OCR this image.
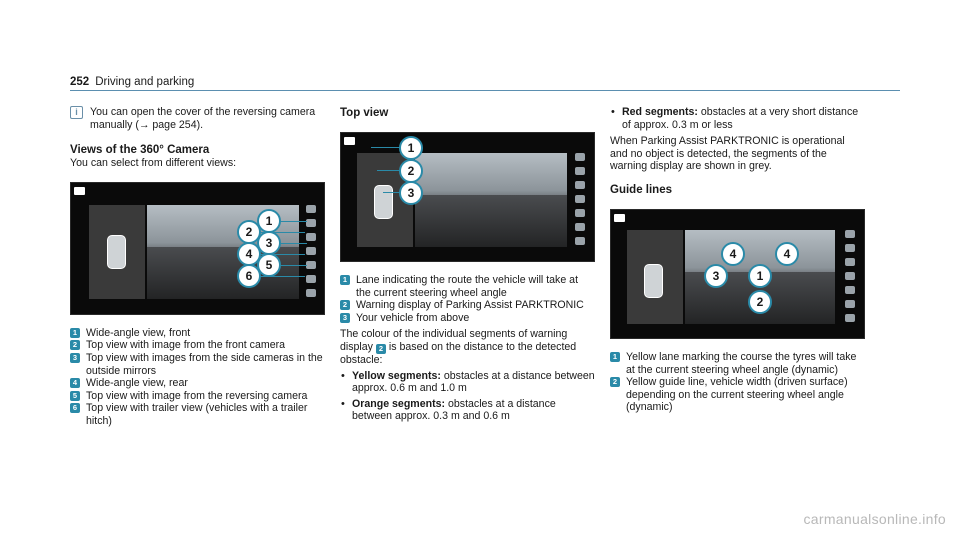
252 Driving and parking

i	You can open the cover of the reversing camera manually (→ page 254).

Views of the 360° Camera

You can select from different views:

1
2
3
4
5
6
1 Wide-angle view, front
2 Top view with image from the front camera
3 Top view with images from the side cameras in the outside mirrors
4 Wide-angle view, rear
5 Top view with image from the reversing camera
6 Top view with trailer view (vehicles with a trailer hitch)
Top view
1
2
3
1 Lane indicating the route the vehicle will take at the current steering wheel angle
2 Warning display of Parking Assist PARKTRONIC
3 Your vehicle from above

The colour of the individual segments of warning display 2 is based on the distance to the detected obstacle:

• Yellow segments: obstacles at a distance between approx. 0.6 m and 1.0 m
• Orange segments: obstacles at a distance between approx. 0.3 m and 0.6 m
• Red segments: obstacles at a very short distance of approx. 0.3 m or less

When Parking Assist PARKTRONIC is operational and no object is detected, the segments of the warning display are shown in grey.

Guide lines
4	4
3	1
2
1 Yellow lane marking the course the tyres will take at the current steering wheel angle (dynamic)
2 Yellow guide line, vehicle width (driven surface) depending on the current steering wheel angle (dynamic)
carmanualsonline.info
